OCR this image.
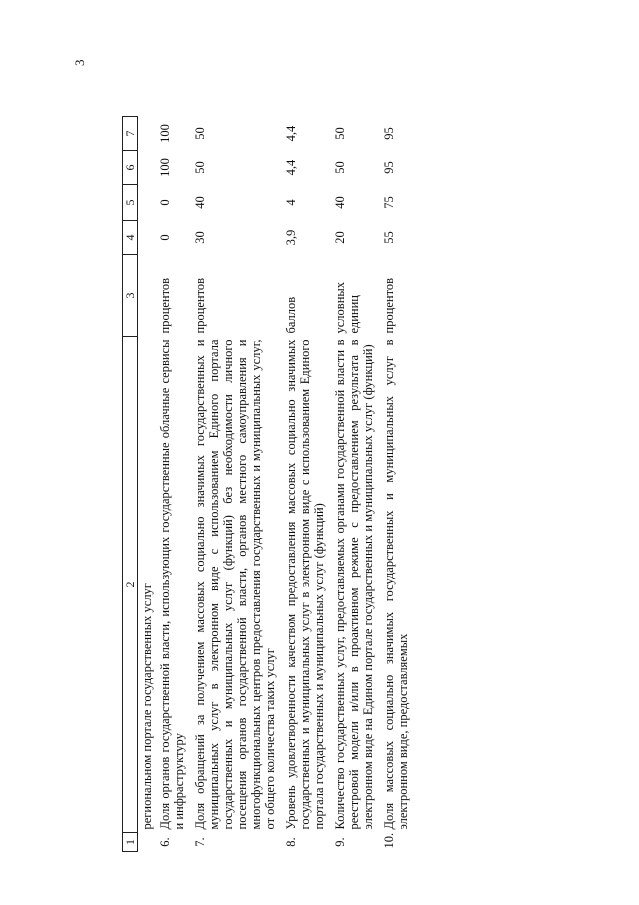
3
1	2	3	4	5	6	7
	региональном портале государственных услуг					
6.	Доля органов государственной власти, использующих государственные облачные сервисы и инфраструктуру	процентов	0	0	100	100
7.	Доля обращений за получением массовых социально значимых государственных и муниципальных услуг в электронном виде с использованием Единого портала государственных и муниципальных услуг (функций) без необходимости личного посещения органов государственной власти, органов местного самоуправления и многофункциональных центров предоставления государственных и муниципальных услуг, от общего количества таких услуг	процентов	30	40	50	50
8.	Уровень удовлетворенности качеством предоставления массовых социально значимых государственных и муниципальных услуг в электронном виде с использованием Единого портала государственных и муниципальных услуг (функций)	баллов	3,9	4	4,4	4,4
9.	Количество государственных услуг, предоставляемых органами государственной власти в реестровой модели и/или в проактивном режиме с предоставлением результата в электронном виде на Едином портале государственных и муниципальных услуг (функций)	условных единиц	20	40	50	50
10.	Доля массовых социально значимых государственных и муниципальных услуг в электронном виде, предоставляемых	процентов	55	75	95	95
